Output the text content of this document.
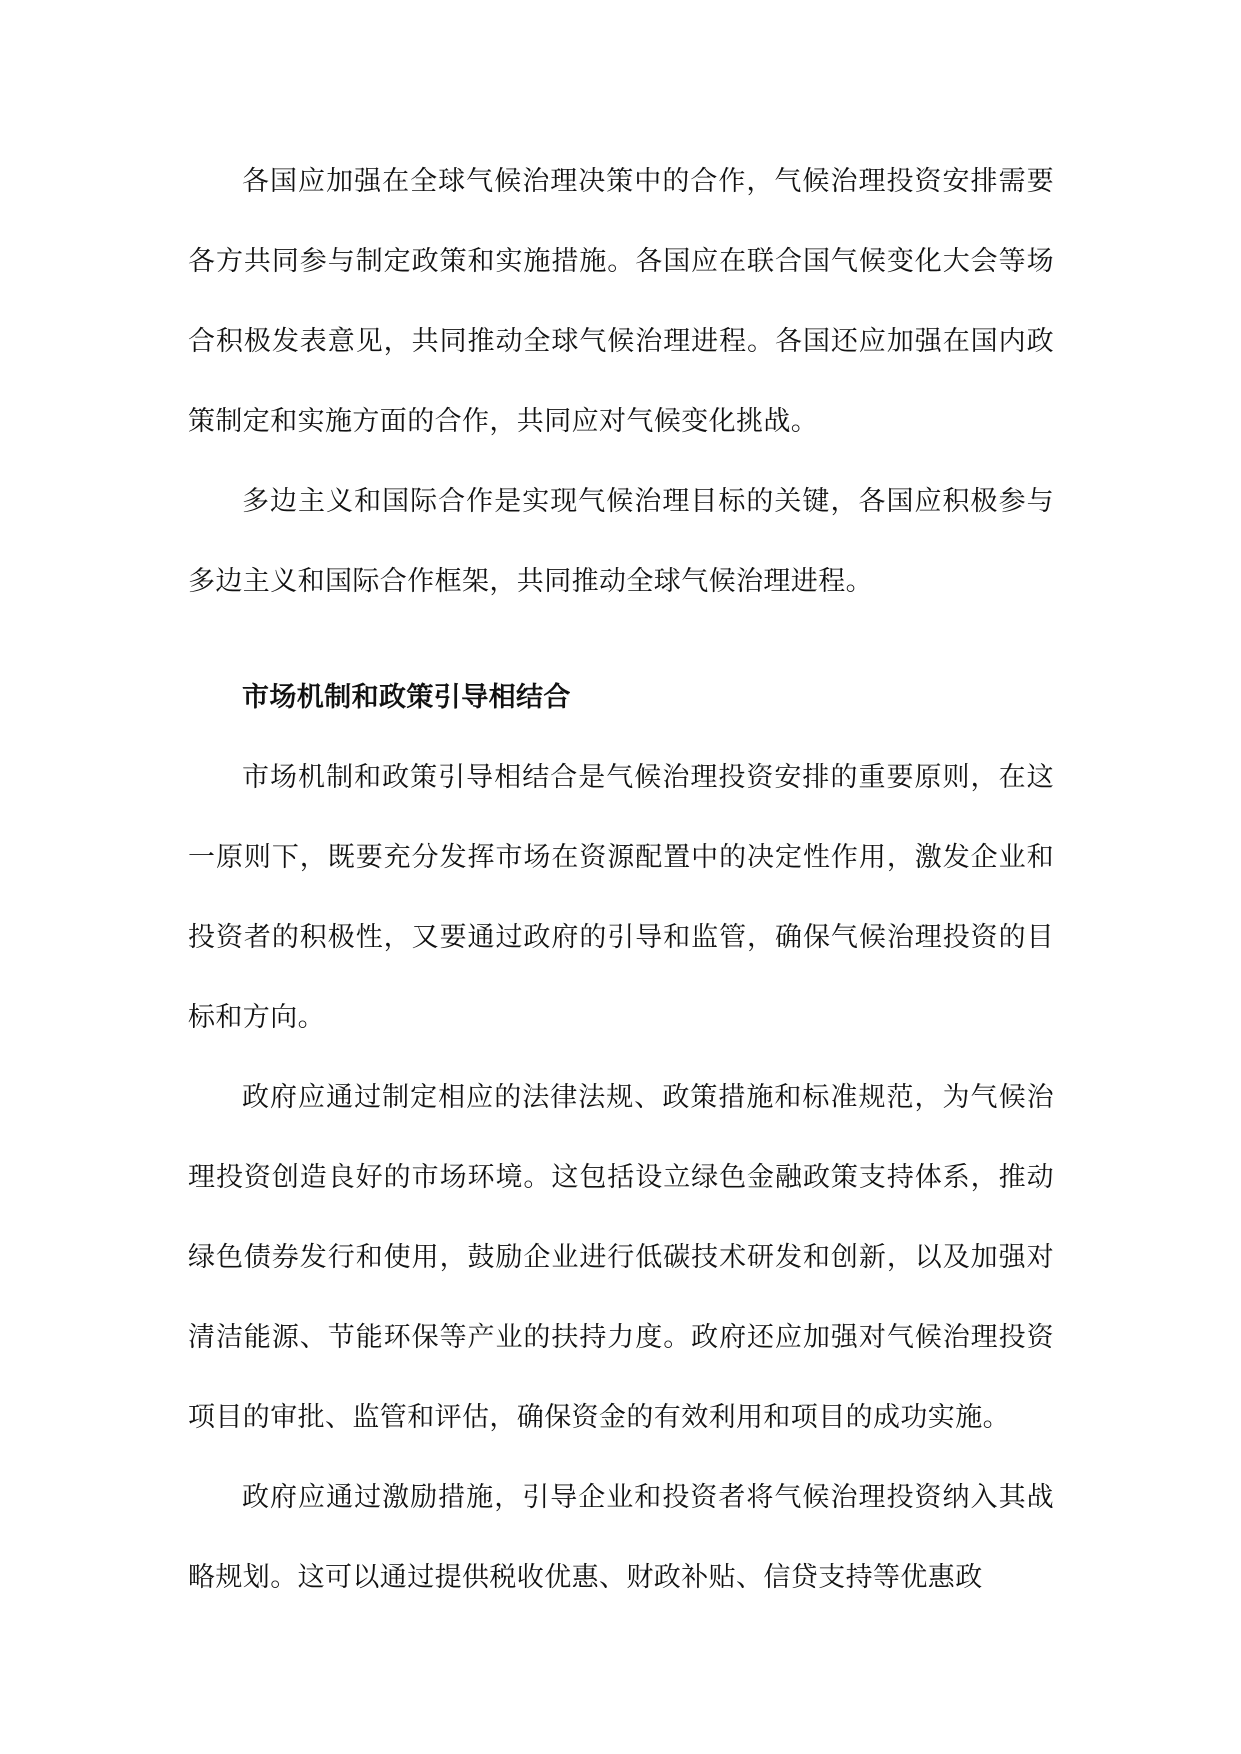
各国应加强在全球气候治理决策中的合作，气候治理投资安排需要各方共同参与制定政策和实施措施。各国应在联合国气候变化大会等场合积极发表意见，共同推动全球气候治理进程。各国还应加强在国内政策制定和实施方面的合作，共同应对气候变化挑战。

多边主义和国际合作是实现气候治理目标的关键，各国应积极参与多边主义和国际合作框架，共同推动全球气候治理进程。

市场机制和政策引导相结合

市场机制和政策引导相结合是气候治理投资安排的重要原则，在这一原则下，既要充分发挥市场在资源配置中的决定性作用，激发企业和投资者的积极性，又要通过政府的引导和监管，确保气候治理投资的目标和方向。

政府应通过制定相应的法律法规、政策措施和标准规范，为气候治理投资创造良好的市场环境。这包括设立绿色金融政策支持体系，推动绿色债券发行和使用，鼓励企业进行低碳技术研发和创新，以及加强对清洁能源、节能环保等产业的扶持力度。政府还应加强对气候治理投资项目的审批、监管和评估，确保资金的有效利用和项目的成功实施。

政府应通过激励措施，引导企业和投资者将气候治理投资纳入其战略规划。这可以通过提供税收优惠、财政补贴、信贷支持等优惠政
